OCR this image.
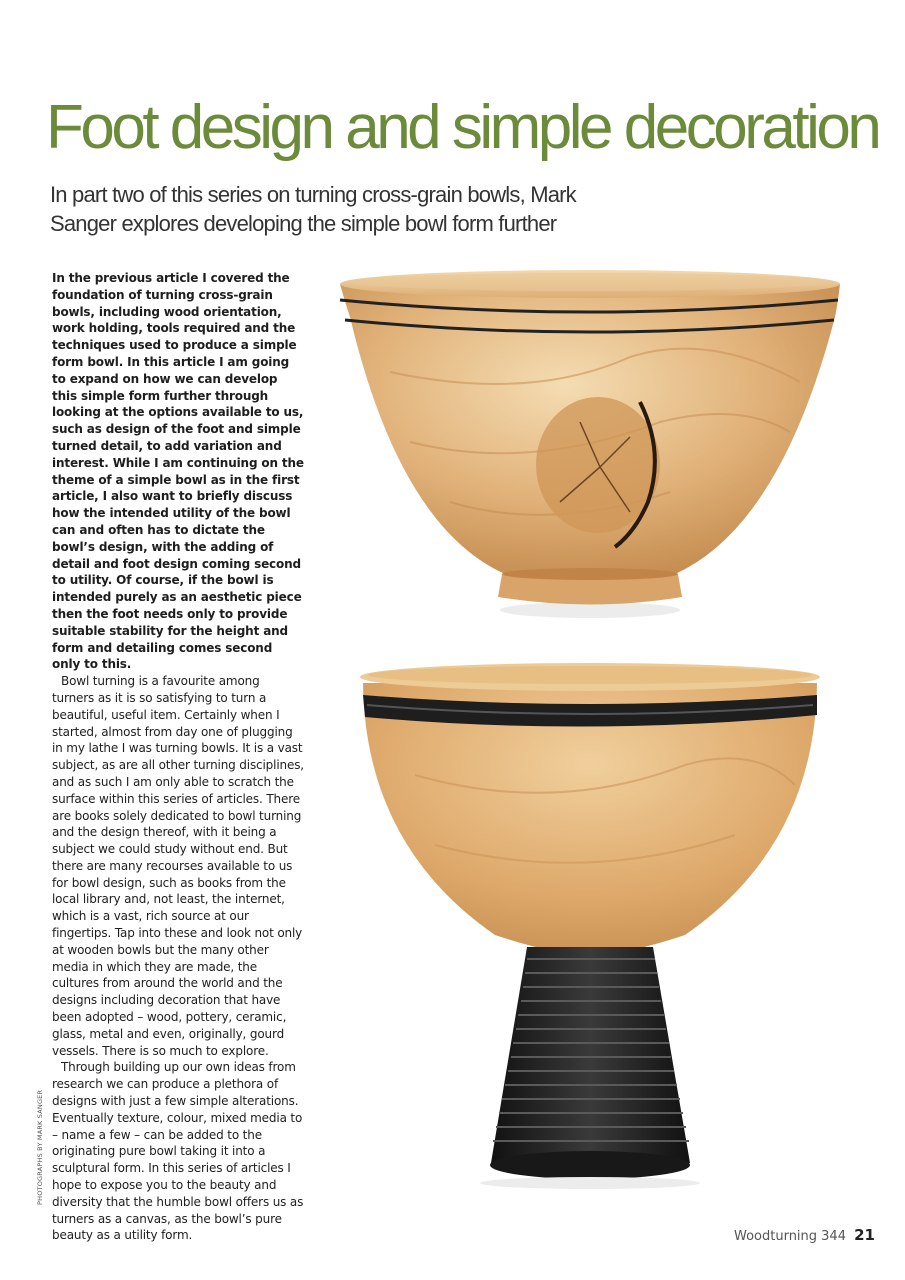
Foot design and simple decoration
In part two of this series on turning cross-grain bowls, Mark Sanger explores developing the simple bowl form further

In the previous article I covered the foundation of turning cross-grain bowls, including wood orientation, work holding, tools required and the techniques used to produce a simple form bowl. In this article I am going to expand on how we can develop this simple form further through looking at the options available to us, such as design of the foot and simple turned detail, to add variation and interest. While I am continuing on the theme of a simple bowl as in the first article, I also want to briefly discuss how the intended utility of the bowl can and often has to dictate the bowl’s design, with the adding of detail and foot design coming second to utility. Of course, if the bowl is intended purely as an aesthetic piece then the foot needs only to provide suitable stability for the height and form and detailing comes second only to this.

Bowl turning is a favourite among turners as it is so satisfying to turn a beautiful, useful item. Certainly when I started, almost from day one of plugging in my lathe I was turning bowls. It is a vast subject, as are all other turning disciplines, and as such I am only able to scratch the surface within this series of articles. There are books solely dedicated to bowl turning and the design thereof, with it being a subject we could study without end. But there are many recourses available to us for bowl design, such as books from the local library and, not least, the internet, which is a vast, rich source at our fingertips. Tap into these and look not only at wooden bowls but the many other media in which they are made, the cultures from around the world and the designs including decoration that have been adopted – wood, pottery, ceramic, glass, metal and even, originally, gourd vessels. There is so much to explore.

Through building up our own ideas from research we can produce a plethora of designs with just a few simple alterations. Eventually texture, colour, mixed media to – name a few – can be added to the originating pure bowl taking it into a sculptural form. In this series of articles I hope to expose you to the beauty and diversity that the humble bowl offers us as turners as a canvas, as the bowl’s pure beauty as a utility form.

PHOTOGRAPHS BY MARK SANGER
Woodturning 344 21
